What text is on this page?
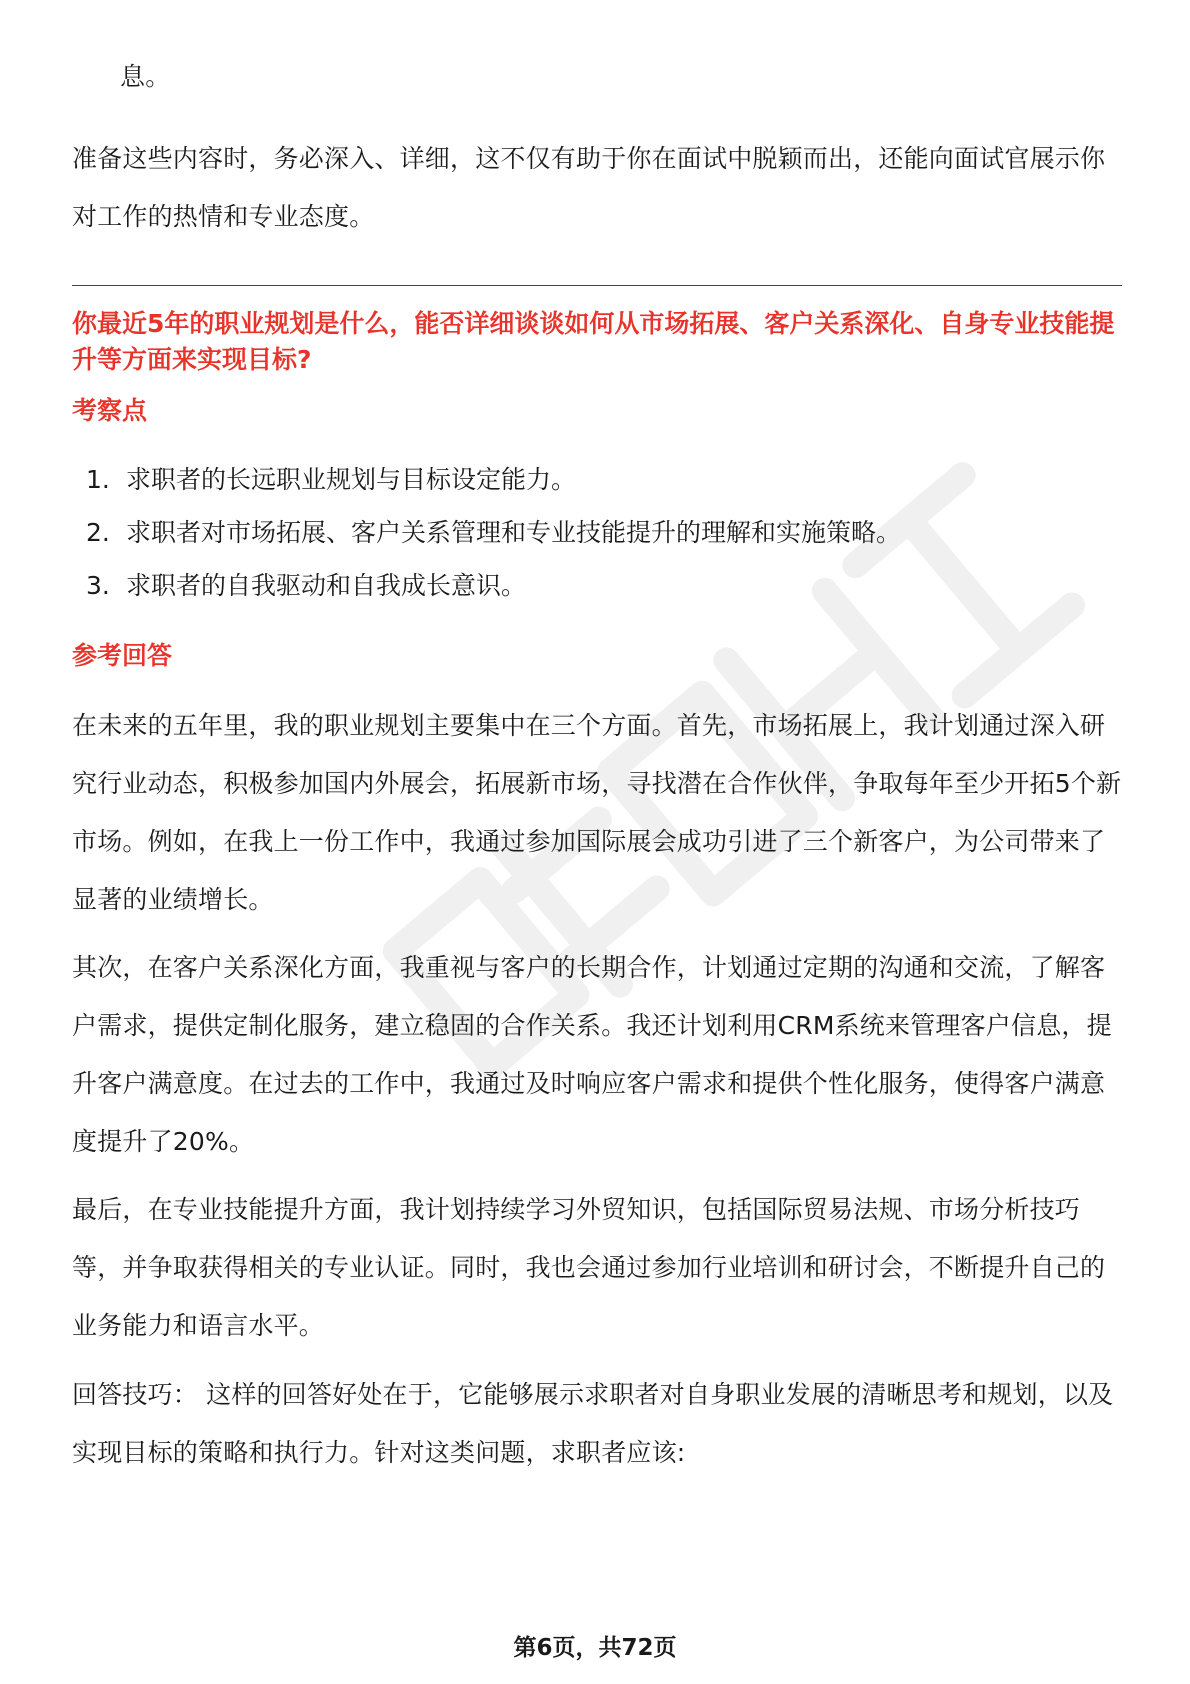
息。

准备这些内容时，务必深入、详细，这不仅有助于你在面试中脱颖而出，还能向面试官展示你对工作的热情和专业态度。

你最近5年的职业规划是什么，能否详细谈谈如何从市场拓展、客户关系深化、自身专业技能提升等方面来实现目标?

考察点

1. 求职者的长远职业规划与目标设定能力。
2. 求职者对市场拓展、客户关系管理和专业技能提升的理解和实施策略。
3. 求职者的自我驱动和自我成长意识。

参考回答

在未来的五年里，我的职业规划主要集中在三个方面。首先，市场拓展上，我计划通过深入研究行业动态，积极参加国内外展会，拓展新市场，寻找潜在合作伙伴，争取每年至少开拓5个新市场。例如，在我上一份工作中，我通过参加国际展会成功引进了三个新客户，为公司带来了显著的业绩增长。

其次，在客户关系深化方面，我重视与客户的长期合作，计划通过定期的沟通和交流，了解客户需求，提供定制化服务，建立稳固的合作关系。我还计划利用CRM系统来管理客户信息，提升客户满意度。在过去的工作中，我通过及时响应客户需求和提供个性化服务，使得客户满意度提升了20%。

最后，在专业技能提升方面，我计划持续学习外贸知识，包括国际贸易法规、市场分析技巧等，并争取获得相关的专业认证。同时，我也会通过参加行业培训和研讨会，不断提升自己的业务能力和语言水平。

回答技巧： 这样的回答好处在于，它能够展示求职者对自身职业发展的清晰思考和规划，以及实现目标的策略和执行力。针对这类问题，求职者应该:

第6页，共72页
